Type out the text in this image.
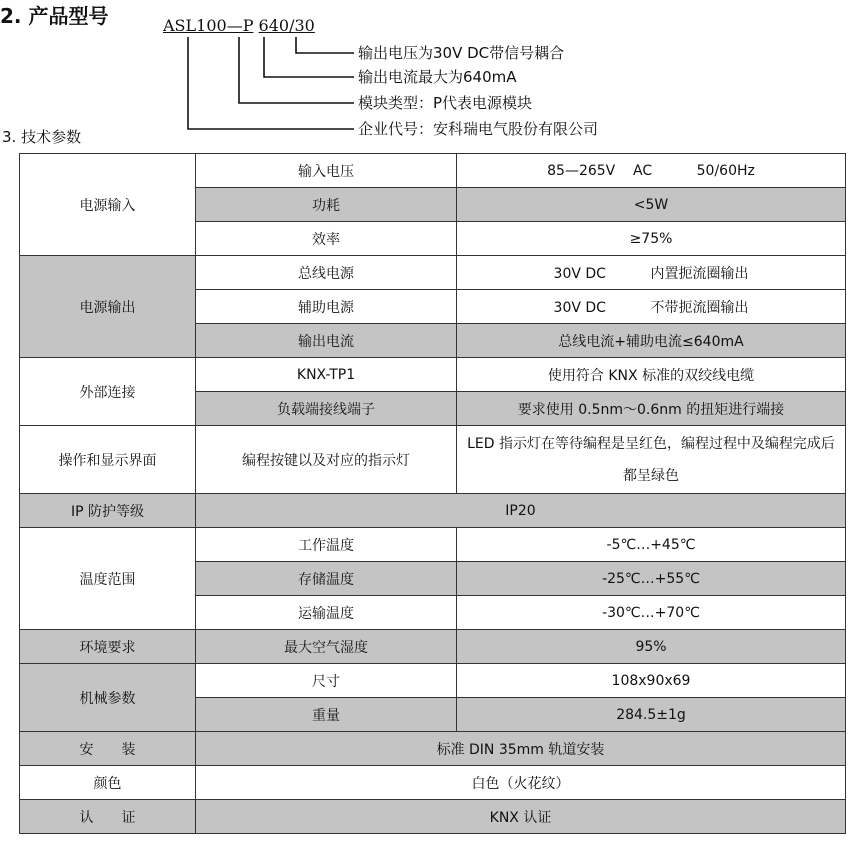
2. 产品型号	ASL100—P 640/30
输出电压为30V DC带信号耦合
输出电流最大为640mA
模块类型：P代表电源模块
企业代号：安科瑞电气股份有限公司
3. 技术参数
电源输入	输入电压	85—265V    AC          50/60Hz
	功耗	<5W
	效率	≥75%
电源输出	总线电源	30V DC          内置扼流圈输出
	辅助电源	30V DC          不带扼流圈输出
	输出电流	总线电流+辅助电流≤640mA
外部连接	KNX-TP1	使用符合 KNX 标准的双绞线电缆
	负载端接线端子	要求使用 0.5nm～0.6nm 的扭矩进行端接
操作和显示界面	编程按键以及对应的指示灯	LED 指示灯在等待编程是呈红色，编程过程中及编程完成后都呈绿色
IP 防护等级	IP20	
温度范围	工作温度	-5℃…+45℃
	存储温度	-25℃…+55℃
	运输温度	-30℃…+70℃
环境要求	最大空气湿度	95%
机械参数	尺寸	108x90x69
	重量	284.5±1g
安　　装	标准 DIN 35mm 轨道安装	
颜色	白色（火花纹）	
认　　证	KNX 认证	
